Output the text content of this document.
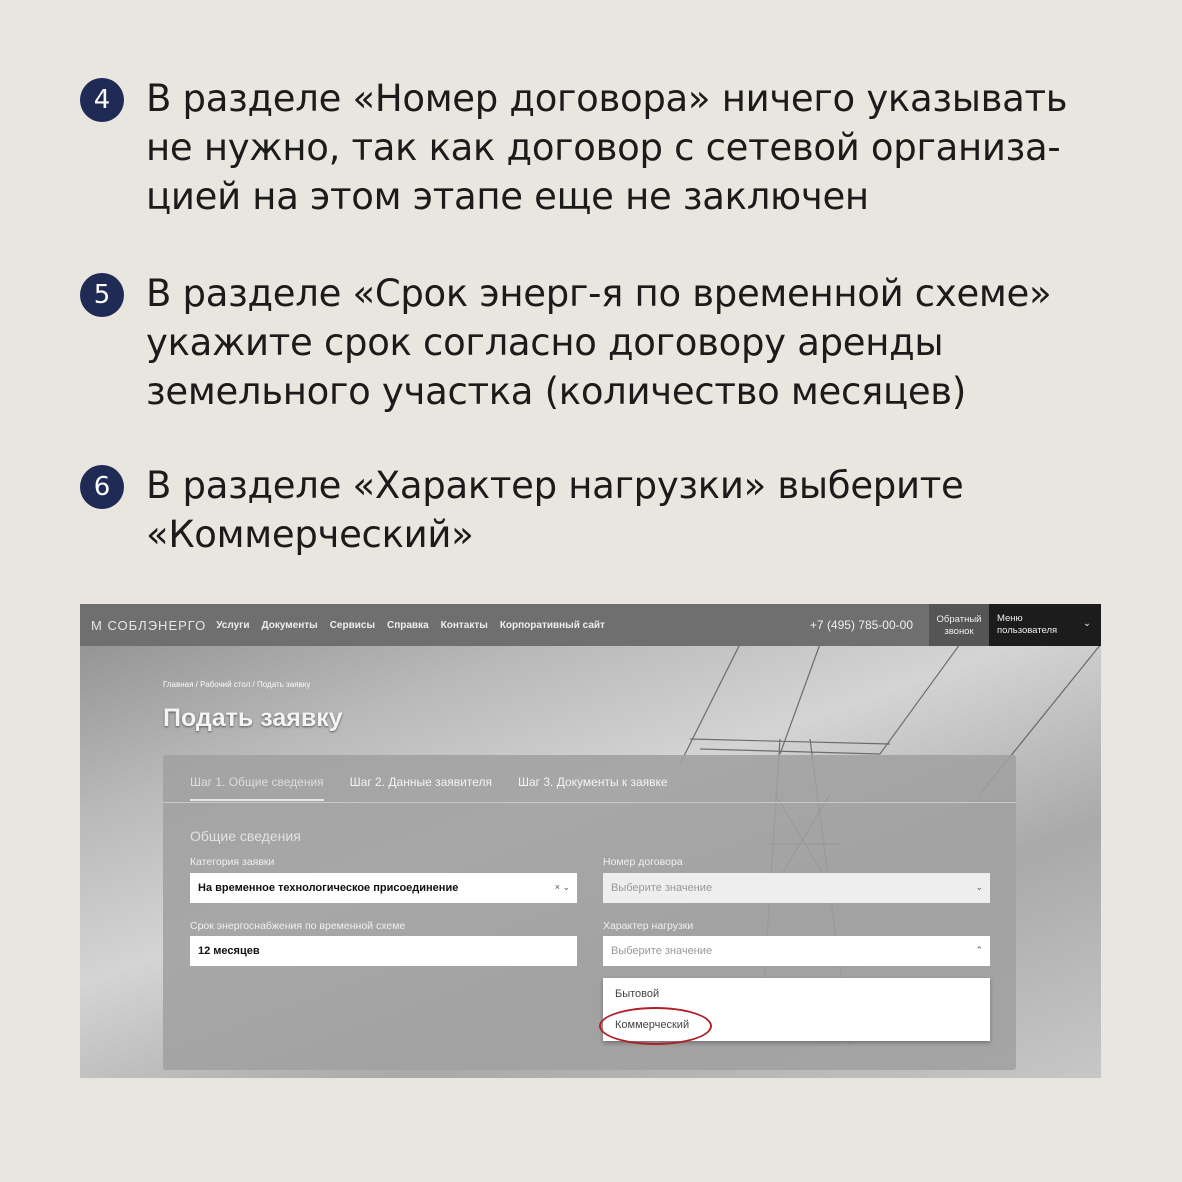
4 В разделе «Номер договора» ничего указывать не нужно, так как договор с сетевой организа-цией на этом этапе еще не заключен
5 В разделе «Срок энерг-я по временной схеме» укажите срок согласно договору аренды земельного участка (количество месяцев)
6 В разделе «Характер нагрузки» выберите «Коммерческий»
М СОБЛЭНЕРГО Услуги Документы Сервисы Справка Контакты Корпоративный сайт	+7 (495) 785-00-00	Обратный звонок
Меню пользователя
⌄
Главная / Рабочий стол / Подать заявку
Подать заявку
Шаг 1. Общие сведения Шаг 2. Данные заявителя Шаг 3. Документы к заявке
Общие сведения
Категория заявки
На временное технологическое присоединение	× ⌄
Номер договора
Выберите значение	⌄
Срок энергоснабжения по временной схеме
12 месяцев
Характер нагрузки
Выберите значение	⌃
Бытовой
Коммерческий
